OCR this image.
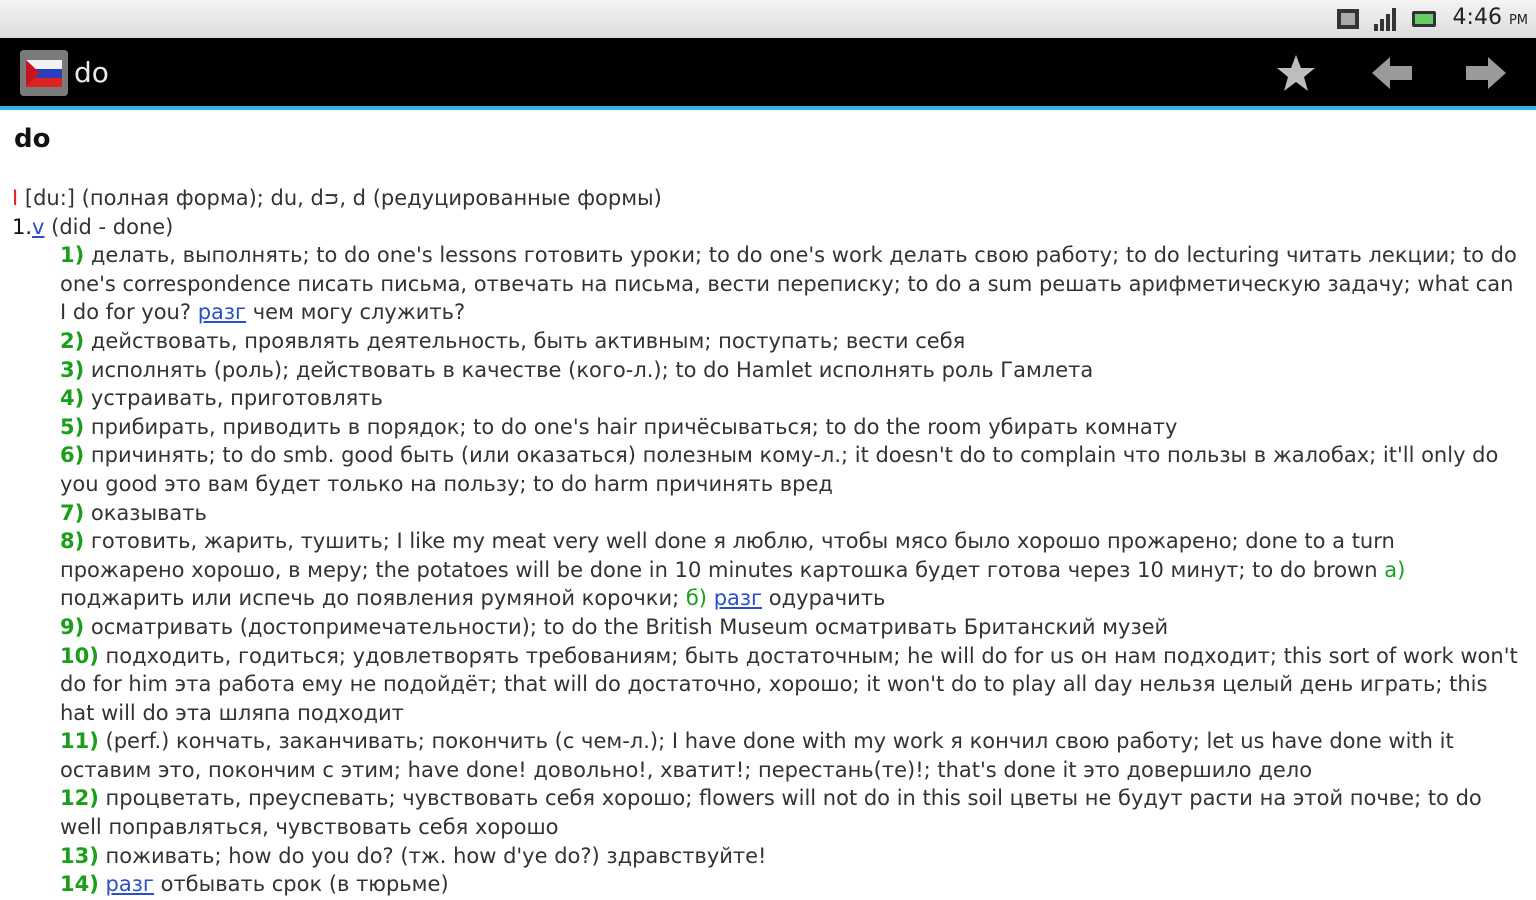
4:46 PM
do
do
I [du:] (полная форма); du, dᴝ, d (редуцированные формы)
1.v (did - done)
1) делать, выполнять; to do one's lessons готовить уроки; to do one's work делать свою работу; to do lecturing читать лекции; to do one's correspondence писать письма, отвечать на письма, вести переписку; to do a sum решать арифметическую задачу; what can I do for you? разг чем могу служить?
2) действовать, проявлять деятельность, быть активным; поступать; вести себя
3) исполнять (роль); действовать в качестве (кого-л.); to do Hamlet исполнять роль Гамлета
4) устраивать, приготовлять
5) прибирать, приводить в порядок; to do one's hair причёсываться; to do the room убирать комнату
6) причинять; to do smb. good быть (или оказаться) полезным кому-л.; it doesn't do to complain что пользы в жалобах; it'll only do you good это вам будет только на пользу; to do harm причинять вред
7) оказывать
8) готовить, жарить, тушить; I like my meat very well done я люблю, чтобы мясо было хорошо прожарено; done to a turn прожарено хорошо, в меру; the potatoes will be done in 10 minutes картошка будет готова через 10 минут; to do brown а) поджарить или испечь до появления румяной корочки; б) разг одурачить
9) осматривать (достопримечательности); to do the British Museum осматривать Британский музей
10) подходить, годиться; удовлетворять требованиям; быть достаточным; he will do for us он нам подходит; this sort of work won't do for him эта работа ему не подойдёт; that will do достаточно, хорошо; it won't do to play all day нельзя целый день играть; this hat will do эта шляпа подходит
11) (perf.) кончать, заканчивать; покончить (с чем-л.); I have done with my work я кончил свою работу; let us have done with it оставим это, покончим с этим; have done! довольно!, хватит!; перестань(те)!; that's done it это довершило дело
12) процветать, преуспевать; чувствовать себя хорошо; flowers will not do in this soil цветы не будут расти на этой почве; to do well поправляться, чувствовать себя хорошо
13) поживать; how do you do? (тж. how d'ye do?) здравствуйте!
14) разг отбывать срок (в тюрьме)
